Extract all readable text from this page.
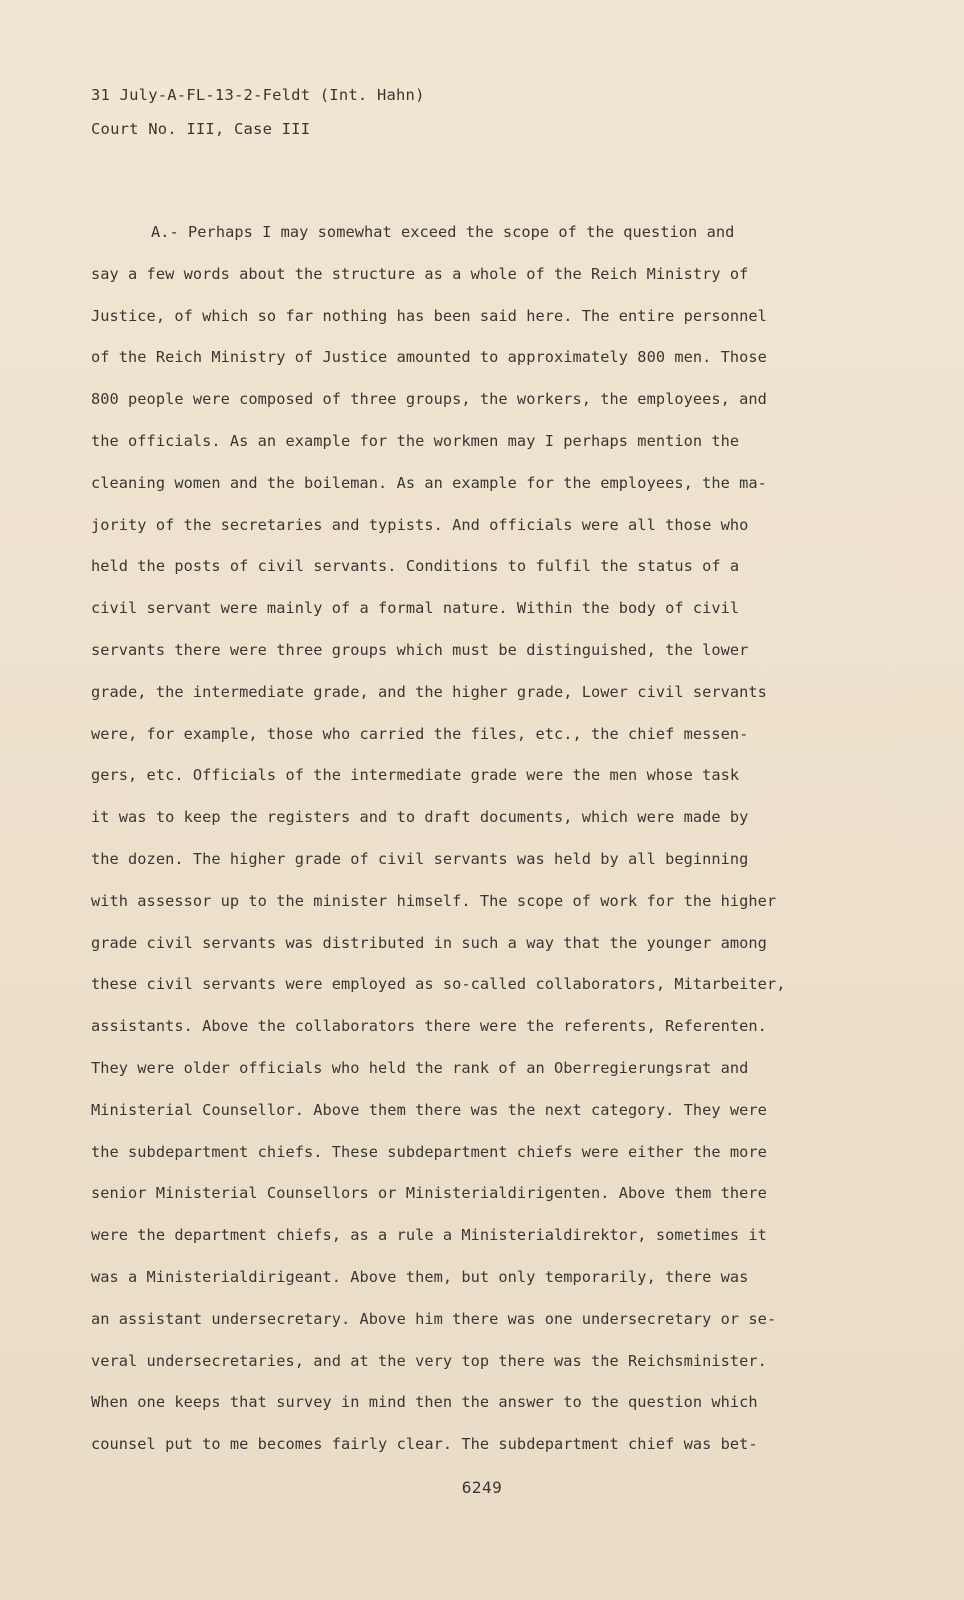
31 July-A-FL-13-2-Feldt (Int. Hahn)
Court No. III, Case III
A.- Perhaps I may somewhat exceed the scope of the question and
say a few words about the structure as a whole of the Reich Ministry of
Justice, of which so far nothing has been said here. The entire personnel
of the Reich Ministry of Justice amounted to approximately 800 men. Those
800 people were composed of three groups, the workers, the employees, and
the officials. As an example for the workmen may I perhaps mention the
cleaning women and the boileman. As an example for the employees, the ma-
jority of the secretaries and typists. And officials were all those who
held the posts of civil servants. Conditions to fulfil the status of a
civil servant were mainly of a formal nature. Within the body of civil
servants there were three groups which must be distinguished, the lower
grade, the intermediate grade, and the higher grade, Lower civil servants
were, for example, those who carried the files, etc., the chief messen-
gers, etc. Officials of the intermediate grade were the men whose task
it was to keep the registers and to draft documents, which were made by
the dozen. The higher grade of civil servants was held by all beginning
with assessor up to the minister himself. The scope of work for the higher
grade civil servants was distributed in such a way that the younger among
these civil servants were employed as so-called collaborators, Mitarbeiter,
assistants. Above the collaborators there were the referents, Referenten.
They were older officials who held the rank of an Oberregierungsrat and
Ministerial Counsellor. Above them there was the next category. They were
the subdepartment chiefs. These subdepartment chiefs were either the more
senior Ministerial Counsellors or Ministerialdirigenten. Above them there
were the department chiefs, as a rule a Ministerialdirektor, sometimes it
was a Ministerialdirigeant. Above them, but only temporarily, there was
an assistant undersecretary. Above him there was one undersecretary or se-
veral undersecretaries, and at the very top there was the Reichsminister.
When one keeps that survey in mind then the answer to the question which
counsel put to me becomes fairly clear. The subdepartment chief was bet-
6249
